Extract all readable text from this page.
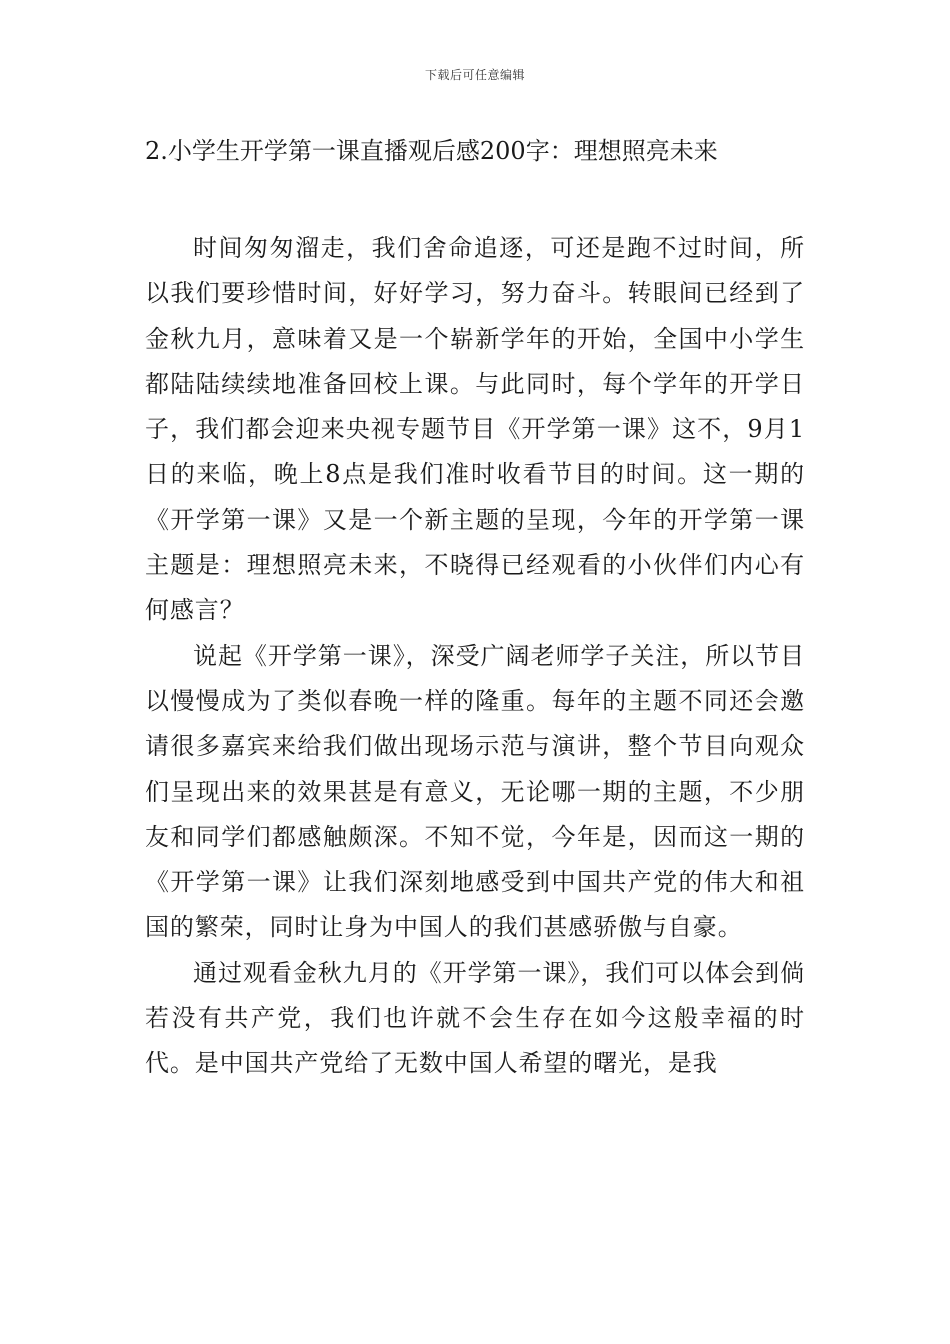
下载后可任意编辑
2.小学生开学第一课直播观后感200字：理想照亮未来

时间匆匆溜走，我们舍命追逐，可还是跑不过时间，所以我们要珍惜时间，好好学习，努力奋斗。转眼间已经到了金秋九月，意味着又是一个崭新学年的开始，全国中小学生都陆陆续续地准备回校上课。与此同时，每个学年的开学日子，我们都会迎来央视专题节目《开学第一课》这不，9月1日的来临，晚上8点是我们准时收看节目的时间。这一期的《开学第一课》又是一个新主题的呈现，今年的开学第一课主题是：理想照亮未来，不晓得已经观看的小伙伴们内心有何感言？

说起《开学第一课》，深受广阔老师学子关注，所以节目以慢慢成为了类似春晚一样的隆重。每年的主题不同还会邀请很多嘉宾来给我们做出现场示范与演讲，整个节目向观众们呈现出来的效果甚是有意义，无论哪一期的主题，不少朋友和同学们都感触颇深。不知不觉，今年是，因而这一期的《开学第一课》让我们深刻地感受到中国共产党的伟大和祖国的繁荣，同时让身为中国人的我们甚感骄傲与自豪。

通过观看金秋九月的《开学第一课》，我们可以体会到倘若没有共产党，我们也许就不会生存在如今这般幸福的时代。是中国共产党给了无数中国人希望的曙光，是我
